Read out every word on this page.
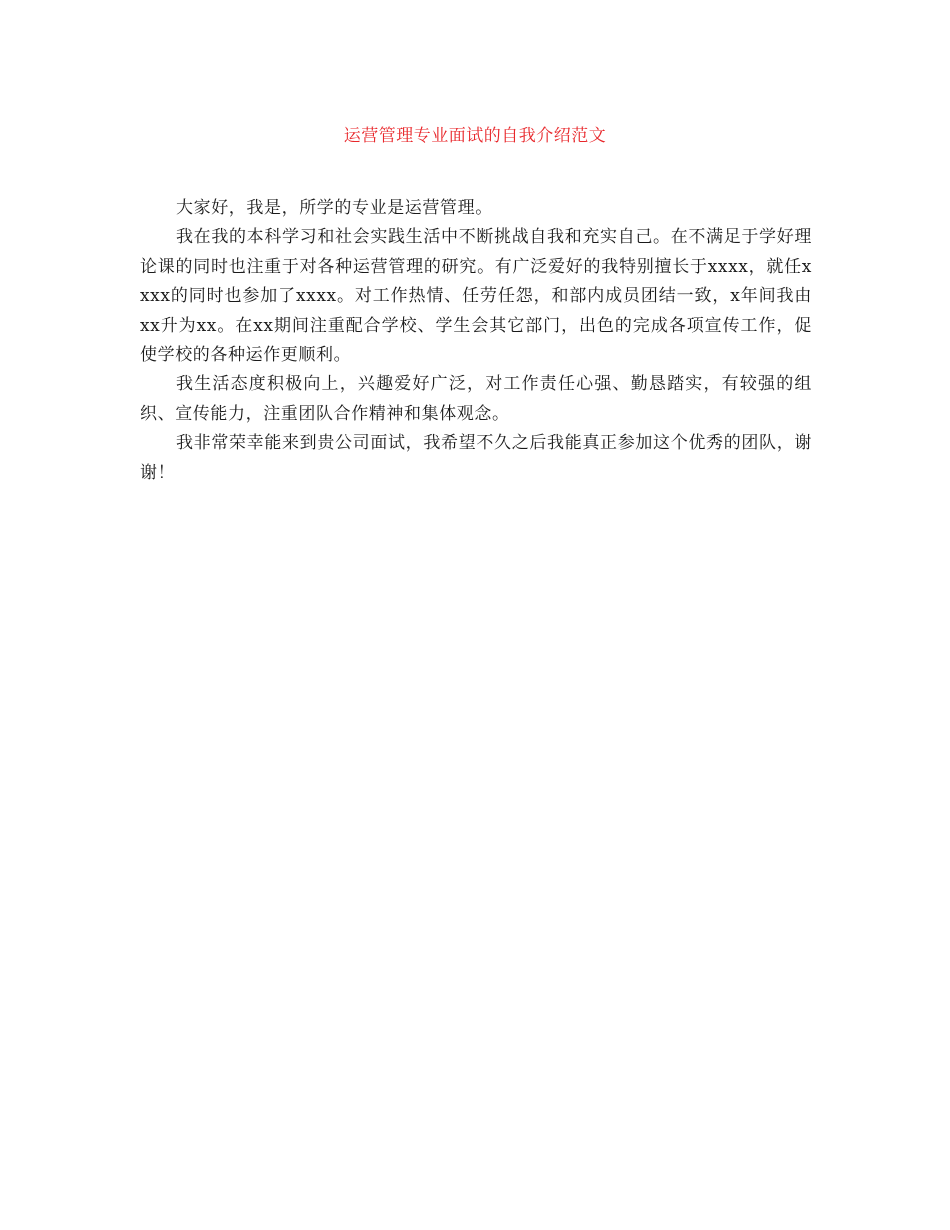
运营管理专业面试的自我介绍范文

大家好，我是，所学的专业是运营管理。

我在我的本科学习和社会实践生活中不断挑战自我和充实自己。在不满足于学好理论课的同时也注重于对各种运营管理的研究。有广泛爱好的我特别擅长于xxxx，就任xxxx的同时也参加了xxxx。对工作热情、任劳任怨，和部内成员团结一致，x年间我由xx升为xx。在xx期间注重配合学校、学生会其它部门，出色的完成各项宣传工作，促使学校的各种运作更顺利。

我生活态度积极向上，兴趣爱好广泛，对工作责任心强、勤恳踏实，有较强的组织、宣传能力，注重团队合作精神和集体观念。

我非常荣幸能来到贵公司面试，我希望不久之后我能真正参加这个优秀的团队，谢谢！
